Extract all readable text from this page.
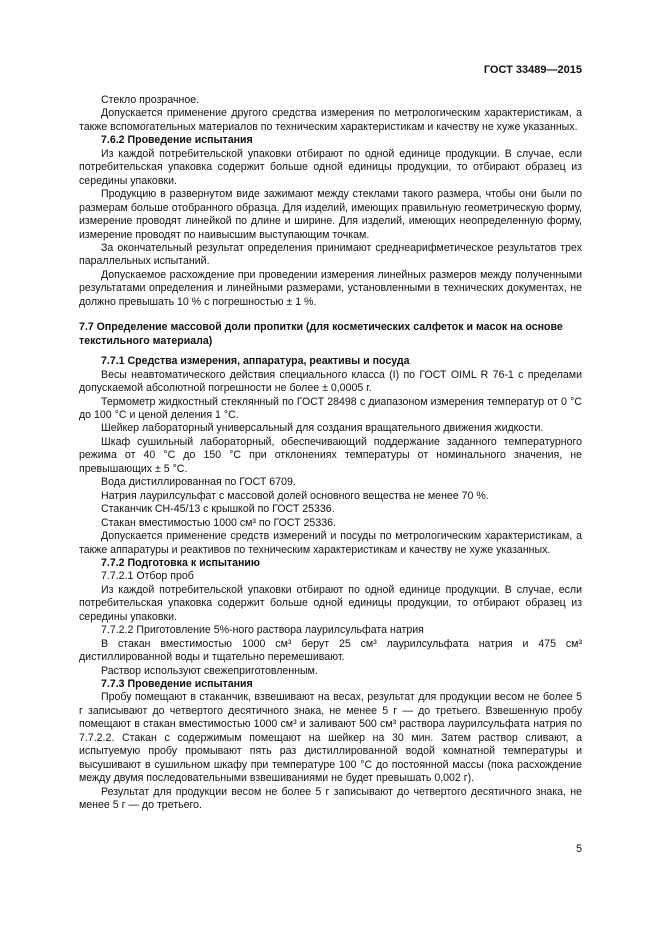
ГОСТ 33489—2015
Стекло прозрачное.
Допускается применение другого средства измерения по метрологическим характеристикам, а также вспомогательных материалов по техническим характеристикам и качеству не хуже указанных.
7.6.2 Проведение испытания
Из каждой потребительской упаковки отбирают по одной единице продукции. В случае, если потребительская упаковка содержит больше одной единицы продукции, то отбирают образец из середины упаковки.
Продукцию в развернутом виде зажимают между стеклами такого размера, чтобы они были по размерам больше отобранного образца. Для изделий, имеющих правильную геометрическую форму, измерение проводят линейкой по длине и ширине. Для изделий, имеющих неопределенную форму, измерение проводят по наивысшим выступающим точкам.
За окончательный результат определения принимают среднеарифметическое результатов трех параллельных испытаний.
Допускаемое расхождение при проведении измерения линейных размеров между полученными результатами определения и линейными размерами, установленными в технических документах, не должно превышать 10 % с погрешностью ± 1 %.
7.7 Определение массовой доли пропитки (для косметических салфеток и масок на основе текстильного материала)
7.7.1 Средства измерения, аппаратура, реактивы и посуда
Весы неавтоматического действия специального класса (I) по ГОСТ OIML R 76-1 с пределами допускаемой абсолютной погрешности не более ± 0,0005 г.
Термометр жидкостный стеклянный по ГОСТ 28498 с диапазоном измерения температур от 0 °С до 100 °С и ценой деления 1 °С.
Шейкер лабораторный универсальный для создания вращательного движения жидкости.
Шкаф сушильный лабораторный, обеспечивающий поддержание заданного температурного режима от 40 °С до 150 °С при отклонениях температуры от номинального значения, не превышающих ± 5 °С.
Вода дистиллированная по ГОСТ 6709.
Натрия лаурилсульфат с массовой долей основного вещества не менее 70 %.
Стаканчик СН-45/13 с крышкой по ГОСТ 25336.
Стакан вместимостью 1000 см³ по ГОСТ 25336.
Допускается применение средств измерений и посуды по метрологическим характеристикам, а также аппаратуры и реактивов по техническим характеристикам и качеству не хуже указанных.
7.7.2 Подготовка к испытанию
7.7.2.1 Отбор проб
Из каждой потребительской упаковки отбирают по одной единице продукции. В случае, если потребительская упаковка содержит больше одной единицы продукции, то отбирают образец из середины упаковки.
7.7.2.2 Приготовление 5%-ного раствора лаурилсульфата натрия
В стакан вместимостью 1000 см³ берут 25 см³ лаурилсульфата натрия и 475 см³ дистиллированной воды и тщательно перемешивают.
Раствор используют свежеприготовленным.
7.7.3 Проведение испытания
Пробу помещают в стаканчик, взвешивают на весах, результат для продукции весом не более 5 г записывают до четвертого десятичного знака, не менее 5 г — до третьего. Взвешенную пробу помещают в стакан вместимостью 1000 см³ и заливают 500 см³ раствора лаурилсульфата натрия по 7.7.2.2. Стакан с содержимым помещают на шейкер на 30 мин. Затем раствор сливают, а испытуемую пробу промывают пять раз дистиллированной водой комнатной температуры и высушивают в сушильном шкафу при температуре 100 °С до постоянной массы (пока расхождение между двумя последовательными взвешиваниями не будет превышать 0,002 г).
Результат для продукции весом не более 5 г записывают до четвертого десятичного знака, не менее 5 г — до третьего.
5
